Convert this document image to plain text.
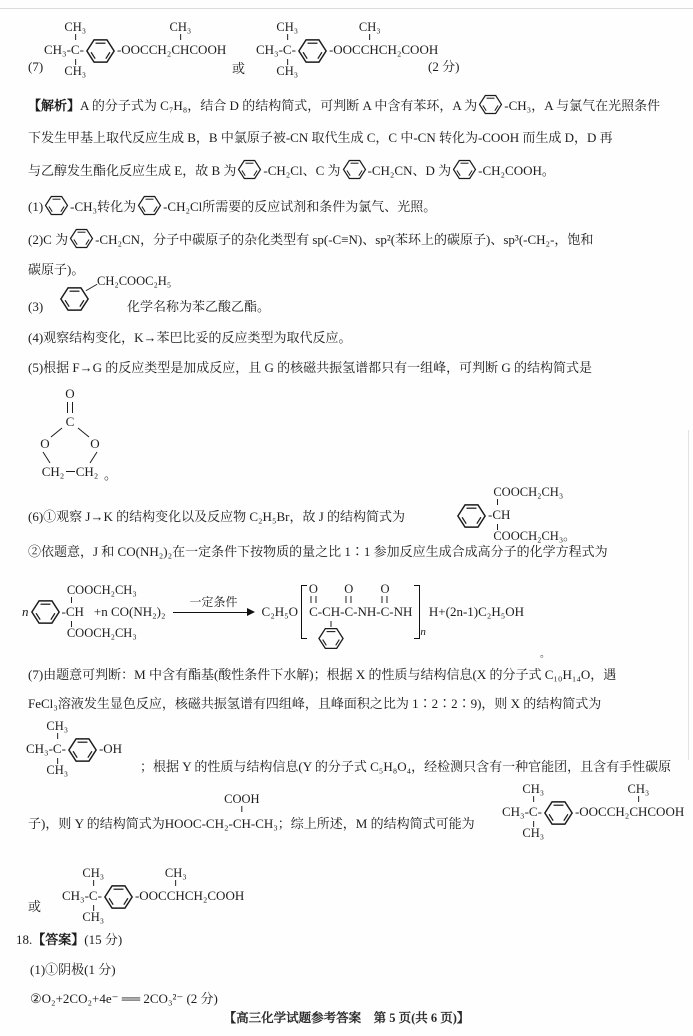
(7)
CH₃-
CH₃
C
CH₃
-	-OOCCH₂
CH₃
CHCOOH
或
CH₃-
CH₃
C
CH₃
-	-OOC
CH₃
CHCH₂COOH
(2 分)
【解析】A 的分子式为 C₇H₈，结合 D 的结构简式，可判断 A 中含有苯环，A 为 -CH₃，A 与氯气在光照条件
下发生甲基上取代反应生成 B，B 中氯原子被-CN 取代生成 C，C 中-CN 转化为-COOH 而生成 D，D 再
与乙醇发生酯化反应生成 E，故 B 为 -CH₂Cl、C 为 -CH₂CN、D 为 -CH₂COOH。
(1) -CH₃转化为 -CH₂Cl所需要的反应试剂和条件为氯气、光照。
(2)C 为 -CH₂CN，分子中碳原子的杂化类型有 sp(-C≡N)、sp²(苯环上的碳原子)、sp³(-CH₂-，饱和
碳原子)。
(3)
CH₂COOC₂H₅
化学名称为苯乙酸乙酯。
(4)观察结构变化，K→苯巴比妥的反应类型为取代反应。
(5)根据 F→G 的反应类型是加成反应，且 G 的核磁共振氢谱都只有一组峰，可判断 G 的结构简式是
O
C
O	O
CH₂ CH₂ 。
(6)①观察 J→K 的结构变化以及反应物 C₂H₅Br，故 J 的结构简式为	-
COOCH₂CH₃
CH
COOCH₂CH₃。
②依题意，J 和 CO(NH₂)₂在一定条件下按物质的量之比 1∶1 参加反应生成合成高分子的化学方程式为
n	-
COOCH₂CH₃
CH
COOCH₂CH₃
+n CO(NH₂)₂
一定条件
C₂H₅O
O
C - CH -
O
C - NH -
O
C - NH
n
H+(2n-1)C₂H₅OH
。
(7)由题意可判断：M 中含有酯基(酸性条件下水解)；根据 X 的性质与结构信息(X 的分子式 C₁₀H₁₄O，遇
FeCl₃溶液发生显色反应，核磁共振氢谱有四组峰，且峰面积之比为 1∶2∶2∶9)，则 X 的结构简式为
CH₃-
CH₃
C
CH₃
-	-OH
；根据 Y 的性质与结构信息(Y 的分子式 C₅H₈O₄，经检测只含有一种官能团，且含有手性碳原
CH₃-
CH₃
C
CH₃
-	-OOCCH₂
CH₃
CHCOOH
子)，则 Y 的结构简式为HOOC-CH₂-
COOH
CH-CH₃；综上所述，M 的结构简式可能为
或
CH₃-
CH₃
C
CH₃
-	-OOC
CH₃
CHCH₂COOH
18.【答案】(15 分)
(1)①阴极(1 分)
②O₂+2CO₂+4e⁻ ══ 2CO₃²⁻ (2 分)
【高三化学试题参考答案　第 5 页(共 6 页)】
